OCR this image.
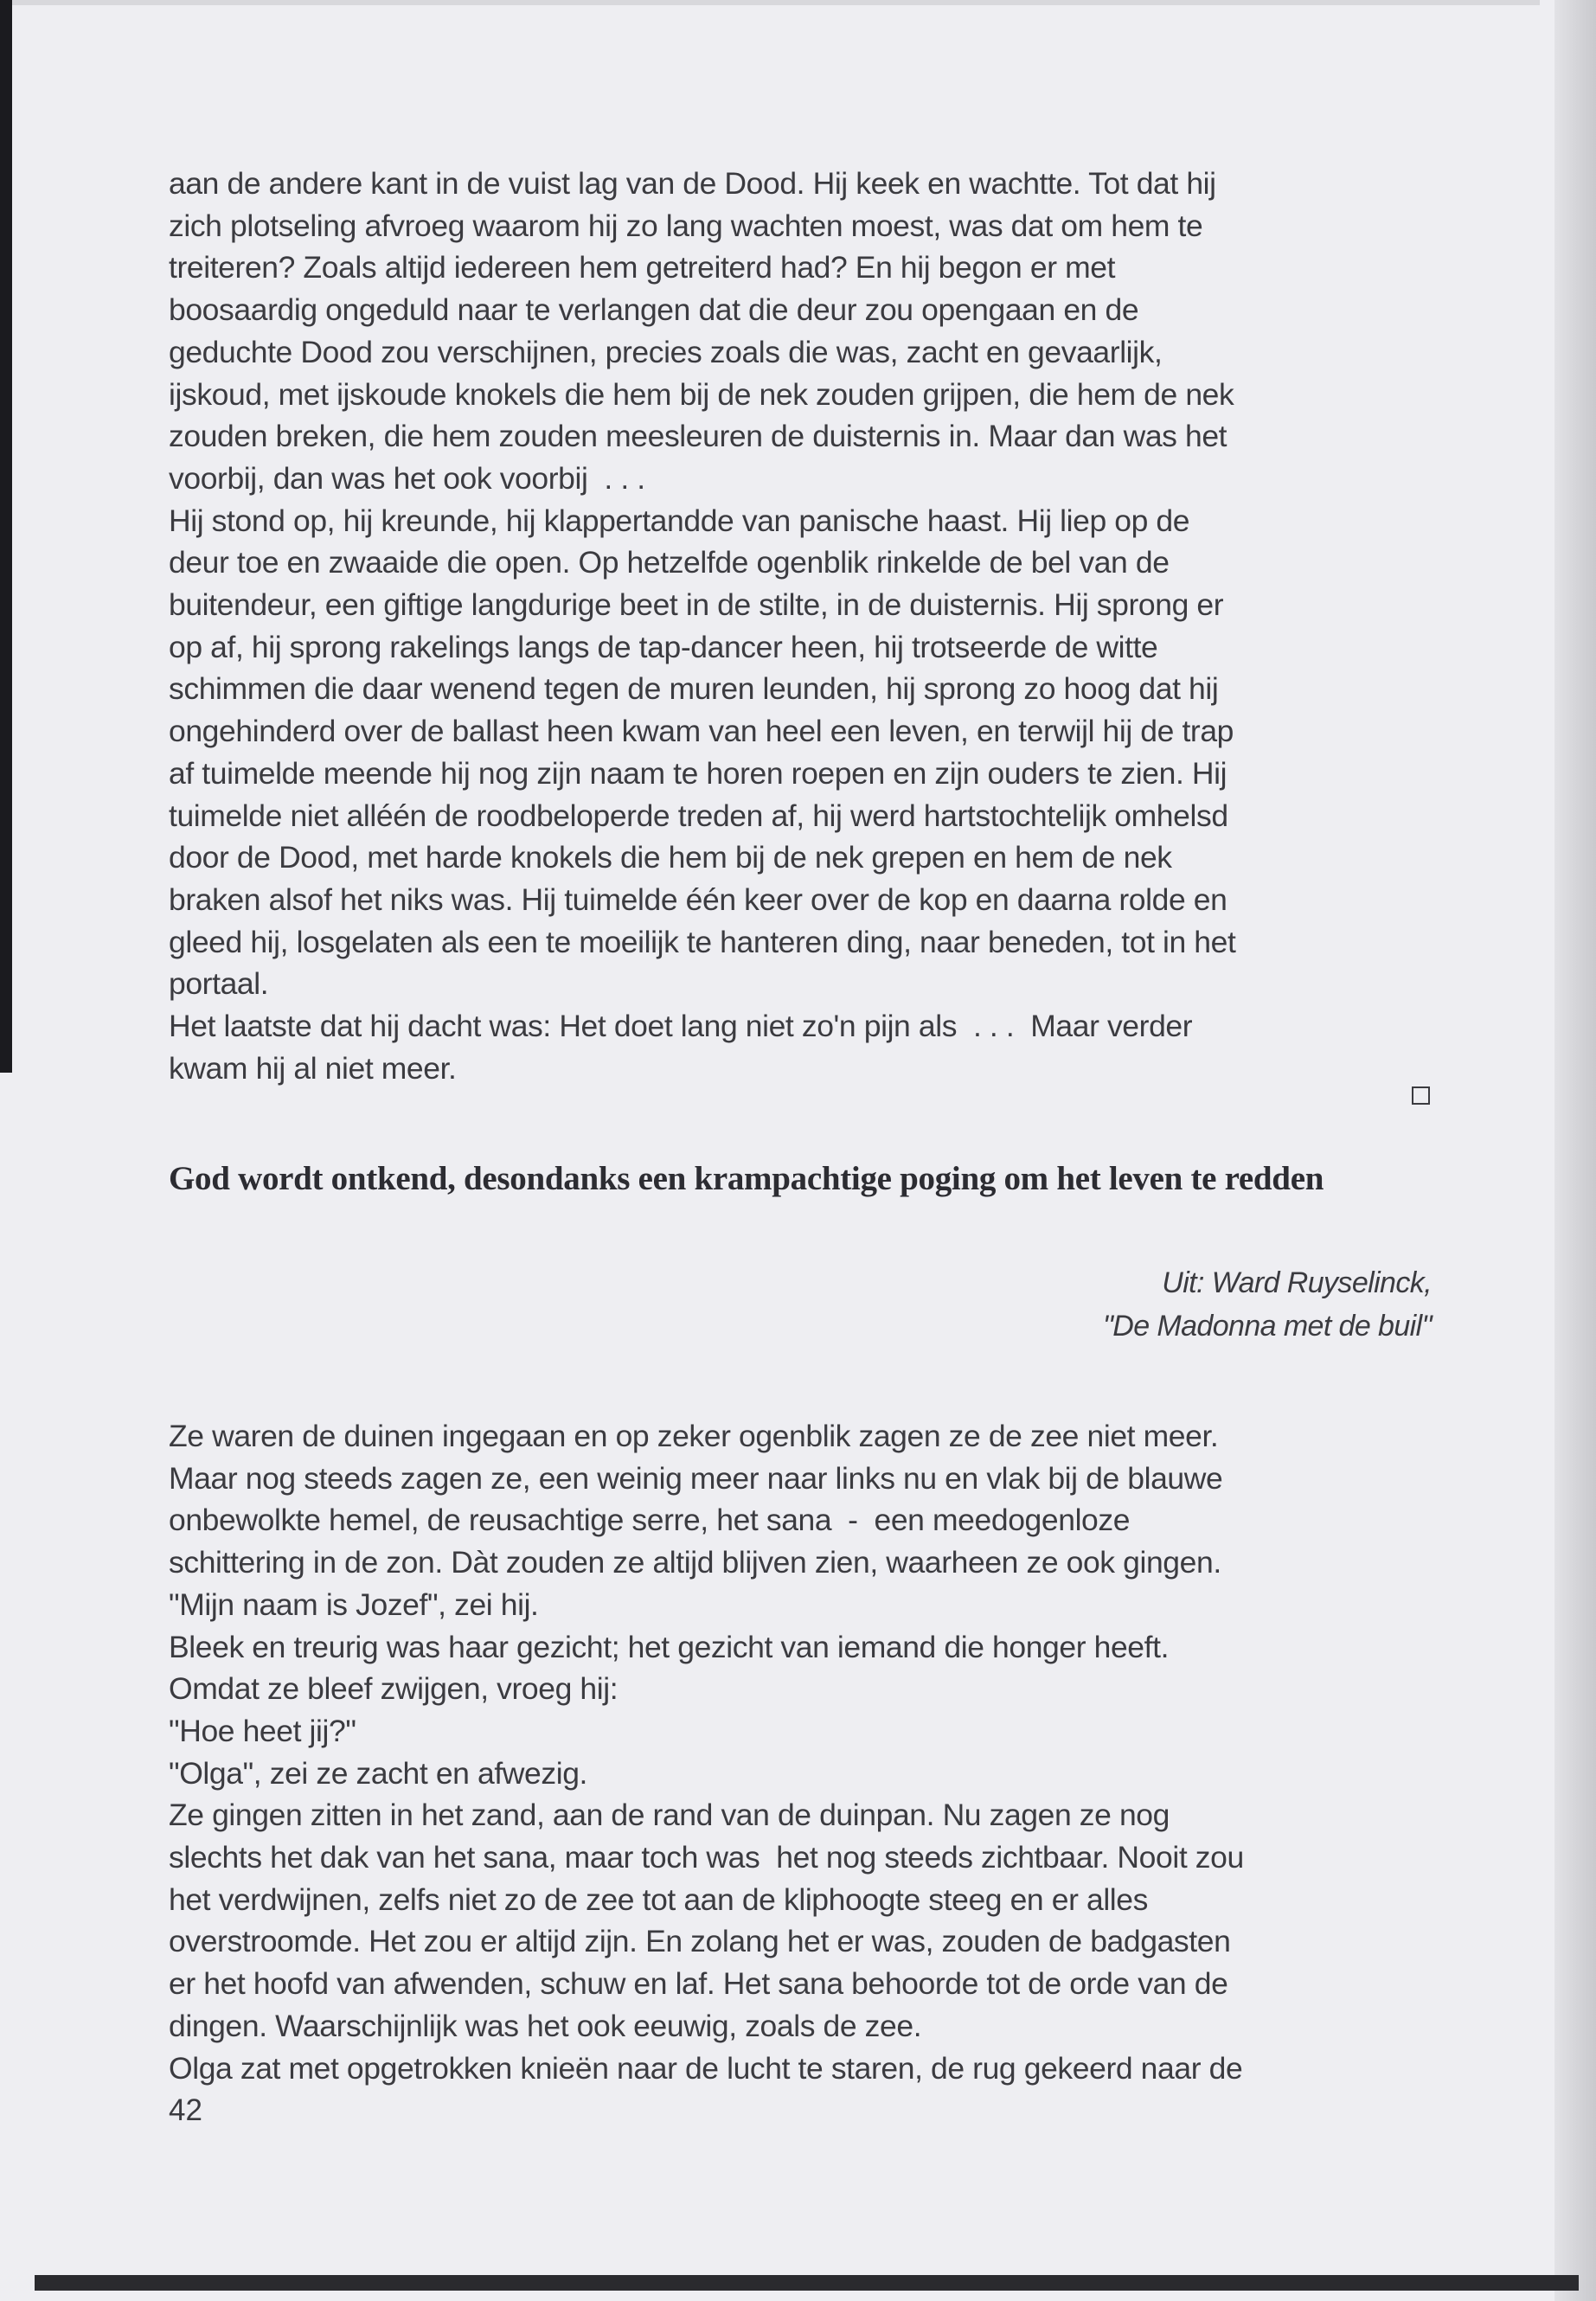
aan de andere kant in de vuist lag van de Dood. Hij keek en wachtte. Tot dat hij
zich plotseling afvroeg waarom hij zo lang wachten moest, was dat om hem te
treiteren? Zoals altijd iedereen hem getreiterd had? En hij begon er met
boosaardig ongeduld naar te verlangen dat die deur zou opengaan en de
geduchte Dood zou verschijnen, precies zoals die was, zacht en gevaarlijk,
ijskoud, met ijskoude knokels die hem bij de nek zouden grijpen, die hem de nek
zouden breken, die hem zouden meesleuren de duisternis in. Maar dan was het
voorbij, dan was het ook voorbij  . . .
Hij stond op, hij kreunde, hij klappertandde van panische haast. Hij liep op de
deur toe en zwaaide die open. Op hetzelfde ogenblik rinkelde de bel van de
buitendeur, een giftige langdurige beet in de stilte, in de duisternis. Hij sprong er
op af, hij sprong rakelings langs de tap-dancer heen, hij trotseerde de witte
schimmen die daar wenend tegen de muren leunden, hij sprong zo hoog dat hij
ongehinderd over de ballast heen kwam van heel een leven, en terwijl hij de trap
af tuimelde meende hij nog zijn naam te horen roepen en zijn ouders te zien. Hij
tuimelde niet alléén de roodbeloperde treden af, hij werd hartstochtelijk omhelsd
door de Dood, met harde knokels die hem bij de nek grepen en hem de nek
braken alsof het niks was. Hij tuimelde één keer over de kop en daarna rolde en
gleed hij, losgelaten als een te moeilijk te hanteren ding, naar beneden, tot in het
portaal.
Het laatste dat hij dacht was: Het doet lang niet zo'n pijn als  . . .  Maar verder
kwam hij al niet meer.
God wordt ontkend, desondanks een krampachtige poging om het leven te redden
Uit: Ward Ruyselinck,
"De Madonna met de buil"
Ze waren de duinen ingegaan en op zeker ogenblik zagen ze de zee niet meer.
Maar nog steeds zagen ze, een weinig meer naar links nu en vlak bij de blauwe
onbewolkte hemel, de reusachtige serre, het sana  -  een meedogenloze
schittering in de zon. Dàt zouden ze altijd blijven zien, waarheen ze ook gingen.
"Mijn naam is Jozef", zei hij.
Bleek en treurig was haar gezicht; het gezicht van iemand die honger heeft.
Omdat ze bleef zwijgen, vroeg hij:
"Hoe heet jij?"
"Olga", zei ze zacht en afwezig.
Ze gingen zitten in het zand, aan de rand van de duinpan. Nu zagen ze nog
slechts het dak van het sana, maar toch was  het nog steeds zichtbaar. Nooit zou
het verdwijnen, zelfs niet zo de zee tot aan de kliphoogte steeg en er alles
overstroomde. Het zou er altijd zijn. En zolang het er was, zouden de badgasten
er het hoofd van afwenden, schuw en laf. Het sana behoorde tot de orde van de
dingen. Waarschijnlijk was het ook eeuwig, zoals de zee.
Olga zat met opgetrokken knieën naar de lucht te staren, de rug gekeerd naar de
42
